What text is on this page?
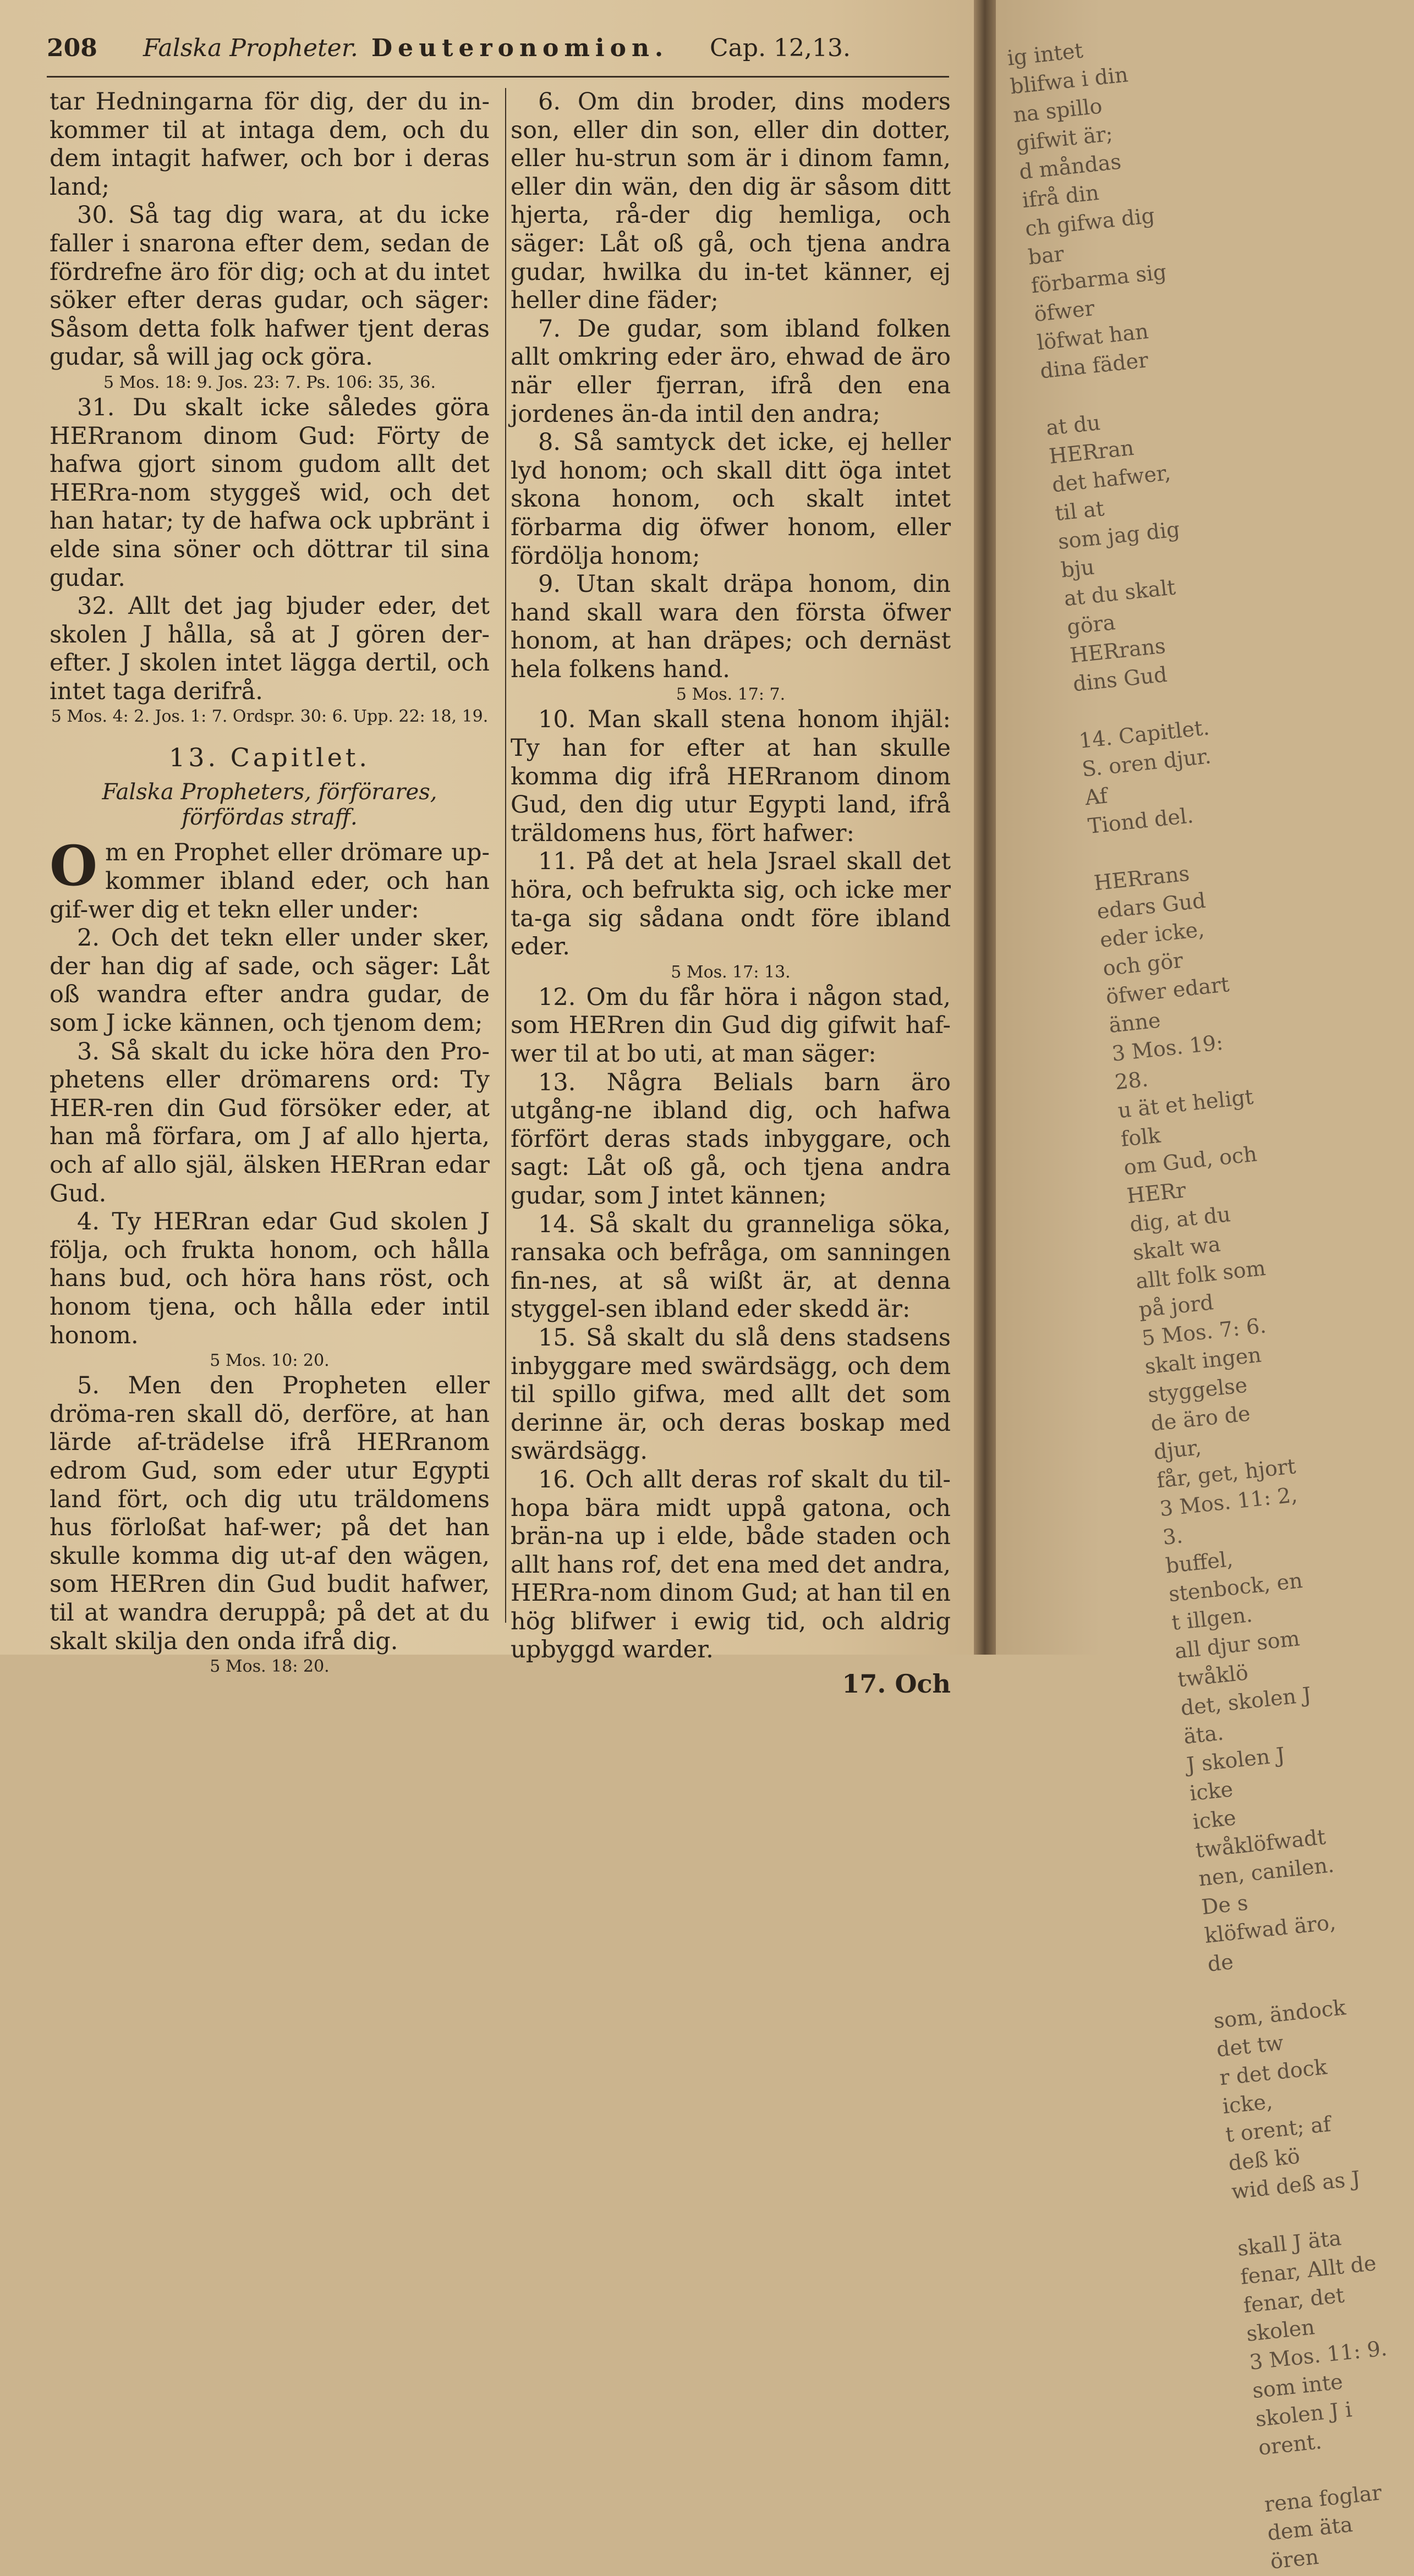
208 Falska Propheter. Deuteronomion. Cap. 12,13.

tar Hedningarna för dig, der du in-kommer til at intaga dem, och du dem intagit hafwer, och bor i deras land;

30. Så tag dig wara, at du icke faller i snarona efter dem, sedan de fördrefne äro för dig; och at du intet söker efter deras gudar, och säger: Såsom detta folk hafwer tjent deras gudar, så will jag ock göra.

5 Mos. 18: 9. Jos. 23: 7. Ps. 106: 35, 36.

31. Du skalt icke således göra HERranom dinom Gud: Förty de hafwa gjort sinom gudom allt det HERra-nom styggeš wid, och det han hatar; ty de hafwa ock upbränt i elde sina söner och döttrar til sina gudar.

32. Allt det jag bjuder eder, det skolen J hålla, så at J gören der-efter. J skolen intet lägga dertil, och intet taga derifrå.

5 Mos. 4: 2. Jos. 1: 7. Ordspr. 30: 6. Upp. 22: 18, 19.

13. Capitlet.

Falska Propheters, förförares, förfördas straff.

Om en Prophet eller drömare up-kommer ibland eder, och han gif-wer dig et tekn eller under:

2. Och det tekn eller under sker, der han dig af sade, och säger: Låt oß wandra efter andra gudar, de som J icke kännen, och tjenom dem;

3. Så skalt du icke höra den Pro-phetens eller drömarens ord: Ty HER-ren din Gud försöker eder, at han må förfara, om J af allo hjerta, och af allo själ, älsken HERran edar Gud.

4. Ty HERran edar Gud skolen J följa, och frukta honom, och hålla hans bud, och höra hans röst, och honom tjena, och hålla eder intil honom.

5 Mos. 10: 20.

5. Men den Propheten eller dröma-ren skall dö, derföre, at han lärde af-trädelse ifrå HERranom edrom Gud, som eder utur Egypti land fört, och dig utu träldomens hus förloßat haf-wer; på det han skulle komma dig ut-af den wägen, som HERren din Gud budit hafwer, til at wandra deruppå; på det at du skalt skilja den onda ifrå dig.

5 Mos. 18: 20.

6. Om din broder, dins moders son, eller din son, eller din dotter, eller hu-strun som är i dinom famn, eller din wän, den dig är såsom ditt hjerta, rå-der dig hemliga, och säger: Låt oß gå, och tjena andra gudar, hwilka du in-tet känner, ej heller dine fäder;

7. De gudar, som ibland folken allt omkring eder äro, ehwad de äro när eller fjerran, ifrå den ena jordenes än-da intil den andra;

8. Så samtyck det icke, ej heller lyd honom; och skall ditt öga intet skona honom, och skalt intet förbarma dig öfwer honom, eller fördölja honom;

9. Utan skalt dräpa honom, din hand skall wara den första öfwer honom, at han dräpes; och dernäst hela folkens hand.

5 Mos. 17: 7.

10. Man skall stena honom ihjäl: Ty han for efter at han skulle komma dig ifrå HERranom dinom Gud, den dig utur Egypti land, ifrå träldomens hus, fört hafwer:

11. På det at hela Jsrael skall det höra, och befrukta sig, och icke mer ta-ga sig sådana ondt före ibland eder.

5 Mos. 17: 13.

12. Om du får höra i någon stad, som HERren din Gud dig gifwit haf-wer til at bo uti, at man säger:

13. Några Belials barn äro utgång-ne ibland dig, och hafwa förfört deras stads inbyggare, och sagt: Låt oß gå, och tjena andra gudar, som J intet kännen;

14. Så skalt du granneliga söka, ransaka och befråga, om sanningen fin-nes, at så wißt är, at denna styggel-sen ibland eder skedd är:

15. Så skalt du slå dens stadsens inbyggare med swärdsägg, och dem til spillo gifwa, med allt det som derinne är, och deras boskap med swärdsägg.

16. Och allt deras rof skalt du til-hopa bära midt uppå gatona, och brän-na up i elde, både staden och allt hans rof, det ena med det andra, HERra-nom dinom Gud; at han til en hög blifwer i ewig tid, och aldrig upbyggd warder.

17. Och

ig intet blifwa i din
na spillo gifwit är;
d måndas ifrå din
ch gifwa dig bar
förbarma sig öfwer
löfwat han dina fäder

at du HERran
det hafwer, til at
som jag dig bju
at du skalt göra
HERrans dins Gud

14. Capitlet.
S. oren djur. Af
Tiond del.

HERrans edars Gud
eder icke, och gör
öfwer edart änne
3 Mos. 19: 28.
u ät et heligt folk
om Gud, och HERr
dig, at du skalt wa
allt folk som på jord
5 Mos. 7: 6.
skalt ingen styggelse
de äro de djur,
får, get, hjort
3 Mos. 11: 2, 3.
buffel, stenbock, en
t illgen.
all djur som twåklö
det, skolen J äta.
J skolen J icke
icke twåklöfwadt
nen, canilen. De s
klöfwad äro, de

som, ändock det tw
r det dock icke,
t orent; af deß kö
wid deß as J

skall J äta
fenar, Allt de
fenar, det skolen
3 Mos. 11: 9.
som inte
skolen J i
orent.

rena foglar
dem äta
ören
